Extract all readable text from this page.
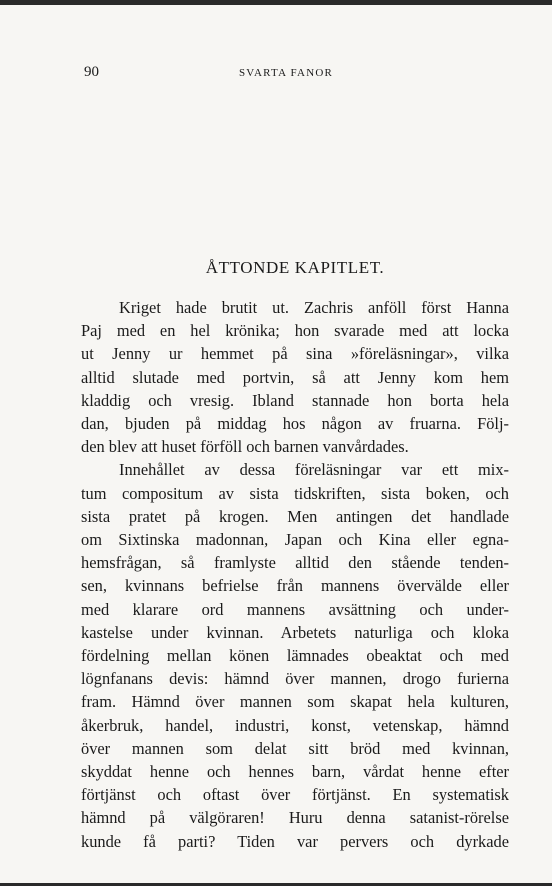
90	SVARTA FANOR
ÅTTONDE KAPITLET.
Kriget hade brutit ut. Zachris anföll först Hanna
Paj med en hel krönika; hon svarade med att locka
ut Jenny ur hemmet på sina »föreläsningar», vilka
alltid slutade med portvin, så att Jenny kom hem
kladdig och vresig. Ibland stannade hon borta hela
dan, bjuden på middag hos någon av fruarna. Följ-
den blev att huset förföll och barnen vanvårdades.
Innehållet av dessa föreläsningar var ett mix-
tum compositum av sista tidskriften, sista boken, och
sista pratet på krogen. Men antingen det handlade
om Sixtinska madonnan, Japan och Kina eller egna-
hemsfrågan, så framlyste alltid den stående tenden-
sen, kvinnans befrielse från mannens övervälde eller
med klarare ord mannens avsättning och under-
kastelse under kvinnan. Arbetets naturliga och kloka
fördelning mellan könen lämnades obeaktat och med
lögnfanans devis: hämnd över mannen, drogo furierna
fram. Hämnd över mannen som skapat hela kulturen,
åkerbruk, handel, industri, konst, vetenskap, hämnd
över mannen som delat sitt bröd med kvinnan,
skyddat henne och hennes barn, vårdat henne efter
förtjänst och oftast över förtjänst. En systematisk
hämnd på välgöraren! Huru denna satanist-rörelse
kunde få parti? Tiden var pervers och dyrkade
